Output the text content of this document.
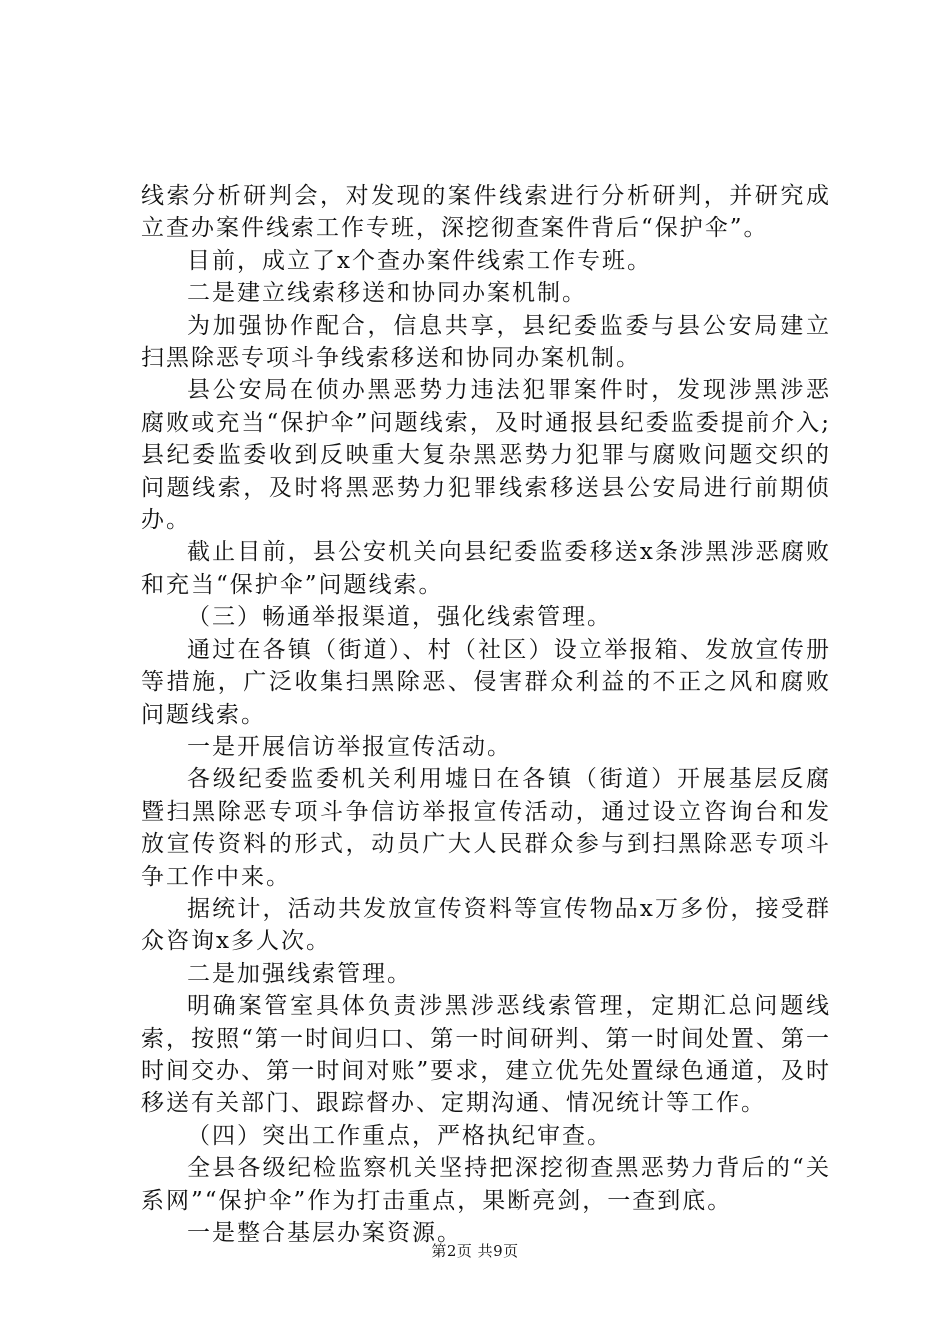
线索分析研判会，对发现的案件线索进行分析研判，并研究成立查办案件线索工作专班，深挖彻查案件背后“保护伞”。

目前，成立了x个查办案件线索工作专班。

二是建立线索移送和协同办案机制。

为加强协作配合，信息共享，县纪委监委与县公安局建立扫黑除恶专项斗争线索移送和协同办案机制。

县公安局在侦办黑恶势力违法犯罪案件时，发现涉黑涉恶腐败或充当“保护伞”问题线索，及时通报县纪委监委提前介入;县纪委监委收到反映重大复杂黑恶势力犯罪与腐败问题交织的问题线索，及时将黑恶势力犯罪线索移送县公安局进行前期侦办。

截止目前，县公安机关向县纪委监委移送x条涉黑涉恶腐败和充当“保护伞”问题线索。

（三）畅通举报渠道，强化线索管理。

通过在各镇（街道）、村（社区）设立举报箱、发放宣传册等措施，广泛收集扫黑除恶、侵害群众利益的不正之风和腐败问题线索。

一是开展信访举报宣传活动。

各级纪委监委机关利用墟日在各镇（街道）开展基层反腐暨扫黑除恶专项斗争信访举报宣传活动，通过设立咨询台和发放宣传资料的形式，动员广大人民群众参与到扫黑除恶专项斗争工作中来。

据统计，活动共发放宣传资料等宣传物品x万多份，接受群众咨询x多人次。

二是加强线索管理。

明确案管室具体负责涉黑涉恶线索管理，定期汇总问题线索，按照“第一时间归口、第一时间研判、第一时间处置、第一时间交办、第一时间对账”要求，建立优先处置绿色通道，及时移送有关部门、跟踪督办、定期沟通、情况统计等工作。

（四）突出工作重点，严格执纪审查。

全县各级纪检监察机关坚持把深挖彻查黑恶势力背后的“关系网”“保护伞”作为打击重点，果断亮剑，一查到底。

一是整合基层办案资源。

第2页 共9页
